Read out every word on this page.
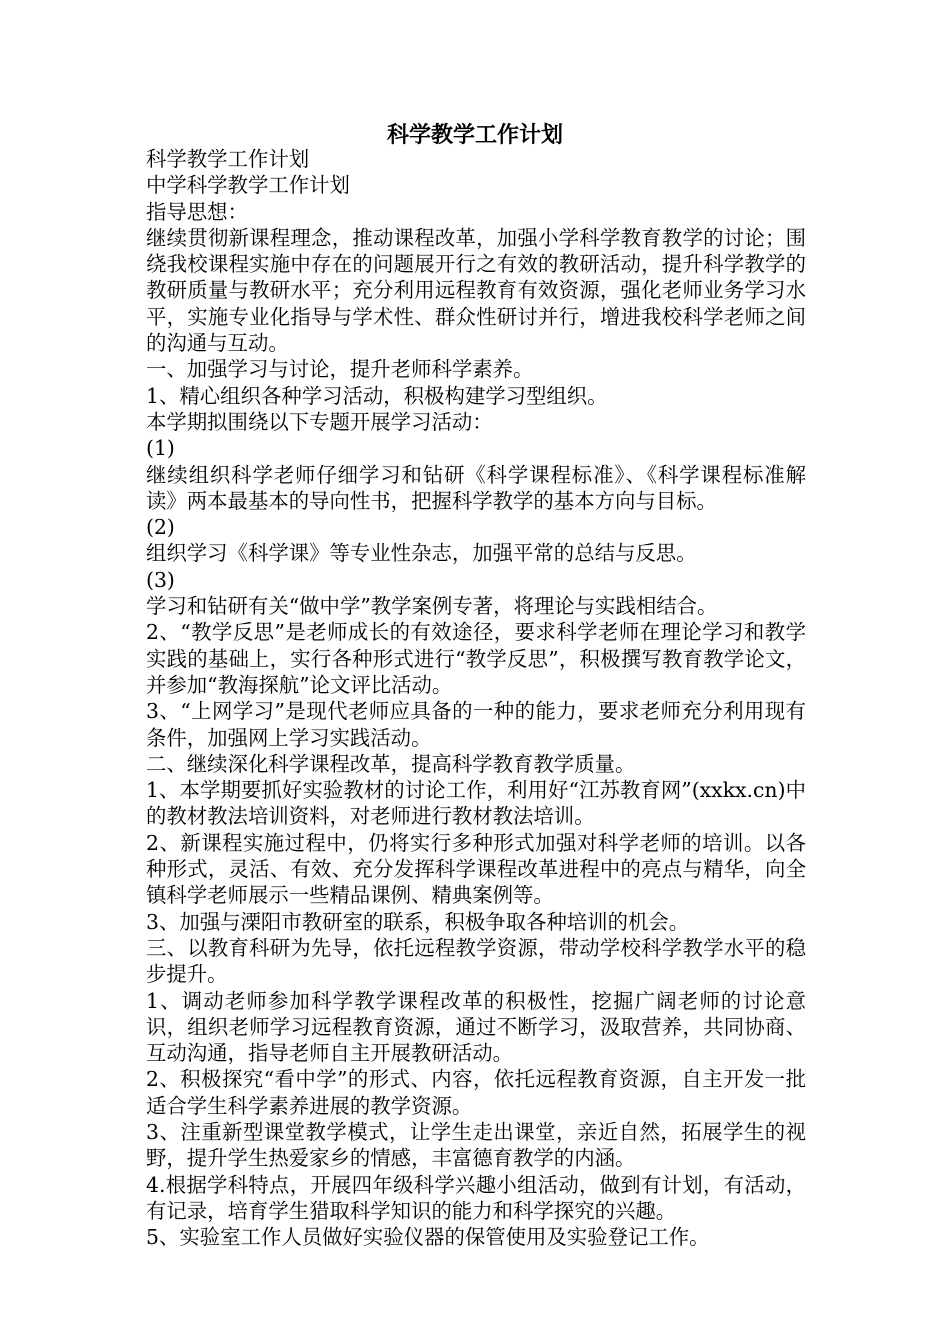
科学教学工作计划

科学教学工作计划

中学科学教学工作计划

指导思想：

继续贯彻新课程理念，推动课程改革，加强小学科学教育教学的讨论；围绕我校课程实施中存在的问题展开行之有效的教研活动，提升科学教学的教研质量与教研水平；充分利用远程教育有效资源，强化老师业务学习水平，实施专业化指导与学术性、群众性研讨并行，增进我校科学老师之间的沟通与互动。

一、加强学习与讨论，提升老师科学素养。

1、精心组织各种学习活动，积极构建学习型组织。

本学期拟围绕以下专题开展学习活动：

(1)

继续组织科学老师仔细学习和钻研《科学课程标准》、《科学课程标准解读》两本最基本的导向性书，把握科学教学的基本方向与目标。

(2)

组织学习《科学课》等专业性杂志，加强平常的总结与反思。

(3)

学习和钻研有关“做中学”教学案例专著，将理论与实践相结合。

2、“教学反思”是老师成长的有效途径，要求科学老师在理论学习和教学实践的基础上，实行各种形式进行“教学反思”，积极撰写教育教学论文，并参加“教海探航”论文评比活动。

3、“上网学习”是现代老师应具备的一种的能力，要求老师充分利用现有条件，加强网上学习实践活动。

二、继续深化科学课程改革，提高科学教育教学质量。

1、本学期要抓好实验教材的讨论工作，利用好“江苏教育网”(xxkx.cn)中的教材教法培训资料，对老师进行教材教法培训。

2、新课程实施过程中，仍将实行多种形式加强对科学老师的培训。以各种形式，灵活、有效、充分发挥科学课程改革进程中的亮点与精华，向全镇科学老师展示一些精品课例、精典案例等。

3、加强与溧阳市教研室的联系，积极争取各种培训的机会。

三、以教育科研为先导，依托远程教学资源，带动学校科学教学水平的稳步提升。

1、调动老师参加科学教学课程改革的积极性，挖掘广阔老师的讨论意识，组织老师学习远程教育资源，通过不断学习，汲取营养，共同协商、互动沟通，指导老师自主开展教研活动。

2、积极探究“看中学”的形式、内容，依托远程教育资源，自主开发一批适合学生科学素养进展的教学资源。

3、注重新型课堂教学模式，让学生走出课堂，亲近自然，拓展学生的视野，提升学生热爱家乡的情感，丰富德育教学的内涵。

4.根据学科特点，开展四年级科学兴趣小组活动，做到有计划，有活动，有记录，培育学生猎取科学知识的能力和科学探究的兴趣。

5、实验室工作人员做好实验仪器的保管使用及实验登记工作。
